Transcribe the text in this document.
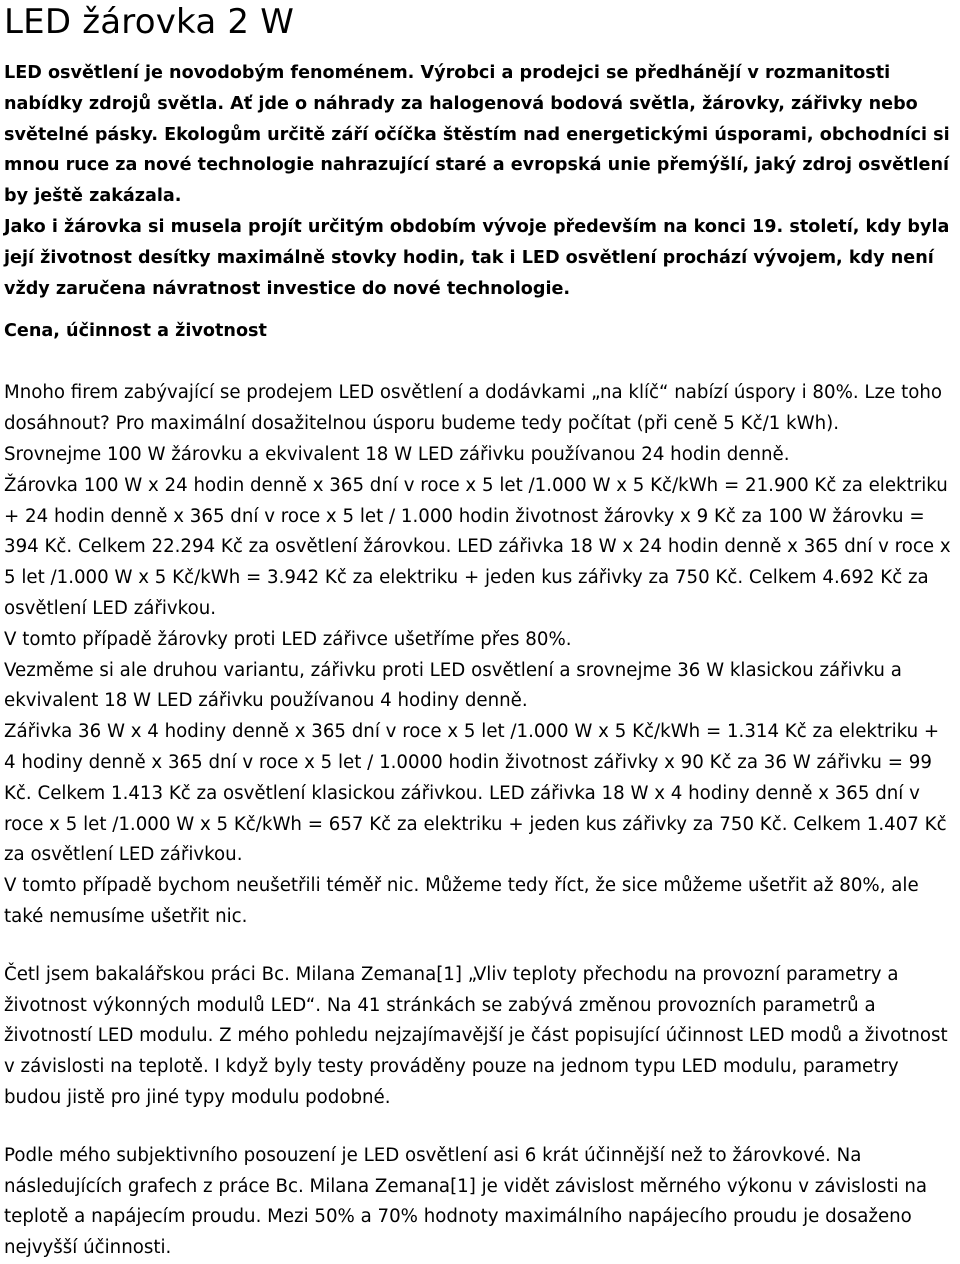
LED žárovka 2 W

LED osvětlení je novodobým fenoménem. Výrobci a prodejci se předhánějí v rozmanitosti nabídky zdrojů světla. Ať jde o náhrady za halogenová bodová světla, žárovky, zářivky nebo světelné pásky. Ekologům určitě září očíčka štěstím nad energetickými úsporami, obchodníci si mnou ruce za nové technologie nahrazující staré a evropská unie přemýšlí, jaký zdroj osvětlení by ještě zakázala.

Jako i žárovka si musela projít určitým obdobím vývoje především na konci 19. století, kdy byla její životnost desítky maximálně stovky hodin, tak i LED osvětlení prochází vývojem, kdy není vždy zaručena návratnost investice do nové technologie.

Cena, účinnost a životnost

Mnoho firem zabývající se prodejem LED osvětlení a dodávkami „na klíč“ nabízí úspory i 80%. Lze toho dosáhnout? Pro maximální dosažitelnou úsporu budeme tedy počítat (při ceně 5 Kč/1 kWh).

Srovnejme 100 W žárovku a ekvivalent 18 W LED zářivku používanou 24 hodin denně.

Žárovka 100 W x 24 hodin denně x 365 dní v roce x 5 let /1.000 W x 5 Kč/kWh = 21.900 Kč za elektriku + 24 hodin denně x 365 dní v roce x 5 let / 1.000 hodin životnost žárovky x 9 Kč za 100 W žárovku = 394 Kč. Celkem 22.294 Kč za osvětlení žárovkou. LED zářivka 18 W x 24 hodin denně x 365 dní v roce x 5 let /1.000 W x 5 Kč/kWh = 3.942 Kč za elektriku + jeden kus zářivky za 750 Kč. Celkem 4.692 Kč za osvětlení LED zářivkou.

V tomto případě žárovky proti LED zářivce ušetříme přes 80%.

Vezměme si ale druhou variantu, zářivku proti LED osvětlení a srovnejme 36 W klasickou zářivku a ekvivalent 18 W LED zářivku používanou 4 hodiny denně.

Zářivka 36 W x 4 hodiny denně x 365 dní v roce x 5 let /1.000 W x 5 Kč/kWh = 1.314 Kč za elektriku + 4 hodiny denně x 365 dní v roce x 5 let / 1.0000 hodin životnost zářivky x 90 Kč za 36 W zářivku = 99 Kč. Celkem 1.413 Kč za osvětlení klasickou zářivkou. LED zářivka 18 W x 4 hodiny denně x 365 dní v roce x 5 let /1.000 W x 5 Kč/kWh = 657 Kč za elektriku + jeden kus zářivky za 750 Kč. Celkem 1.407 Kč za osvětlení LED zářivkou.

V tomto případě bychom neušetřili téměř nic. Můžeme tedy říct, že sice můžeme ušetřit až 80%, ale také nemusíme ušetřit nic.

Četl jsem bakalářskou práci Bc. Milana Zemana[1] „Vliv teploty přechodu na provozní parametry a životnost výkonných modulů LED“. Na 41 stránkách se zabývá změnou provozních parametrů a životností LED modulu. Z mého pohledu nejzajímavější je část popisující účinnost LED modů a životnost v závislosti na teplotě. I když byly testy prováděny pouze na jednom typu LED modulu, parametry budou jistě pro jiné typy modulu podobné.

Podle mého subjektivního posouzení je LED osvětlení asi 6 krát účinnější než to žárovkové. Na následujících grafech z práce Bc. Milana Zemana[1] je vidět závislost měrného výkonu v závislosti na teplotě a napájecím proudu. Mezi 50% a 70% hodnoty maximálního napájecího proudu je dosaženo nejvyšší účinnosti.
